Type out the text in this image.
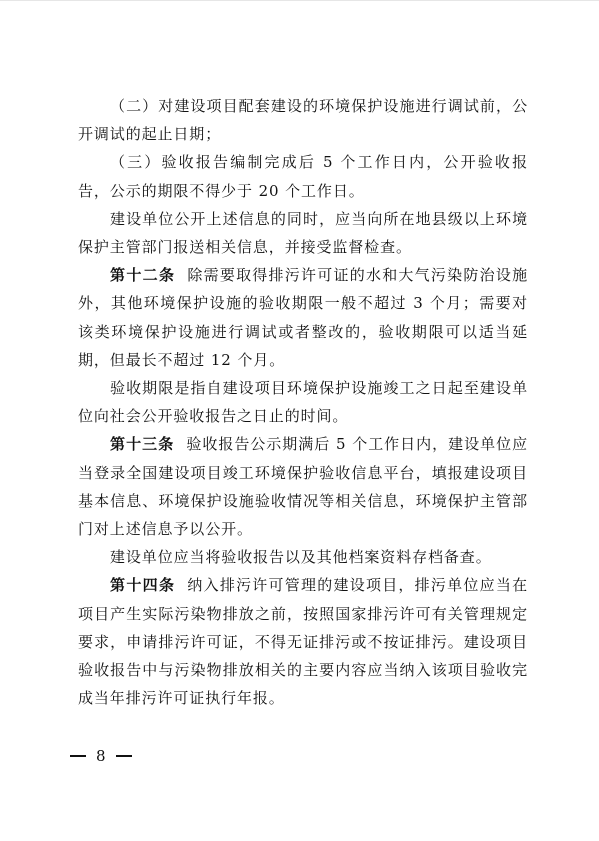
（二）对建设项目配套建设的环境保护设施进行调试前，公开调试的起止日期；

（三）验收报告编制完成后 5 个工作日内，公开验收报告，公示的期限不得少于 20 个工作日。

建设单位公开上述信息的同时，应当向所在地县级以上环境保护主管部门报送相关信息，并接受监督检查。

第十二条 除需要取得排污许可证的水和大气污染防治设施外，其他环境保护设施的验收期限一般不超过 3 个月；需要对该类环境保护设施进行调试或者整改的，验收期限可以适当延期，但最长不超过 12 个月。

验收期限是指自建设项目环境保护设施竣工之日起至建设单位向社会公开验收报告之日止的时间。

第十三条 验收报告公示期满后 5 个工作日内，建设单位应当登录全国建设项目竣工环境保护验收信息平台，填报建设项目基本信息、环境保护设施验收情况等相关信息，环境保护主管部门对上述信息予以公开。

建设单位应当将验收报告以及其他档案资料存档备查。

第十四条 纳入排污许可管理的建设项目，排污单位应当在项目产生实际污染物排放之前，按照国家排污许可有关管理规定要求，申请排污许可证，不得无证排污或不按证排污。建设项目验收报告中与污染物排放相关的主要内容应当纳入该项目验收完成当年排污许可证执行年报。

8
